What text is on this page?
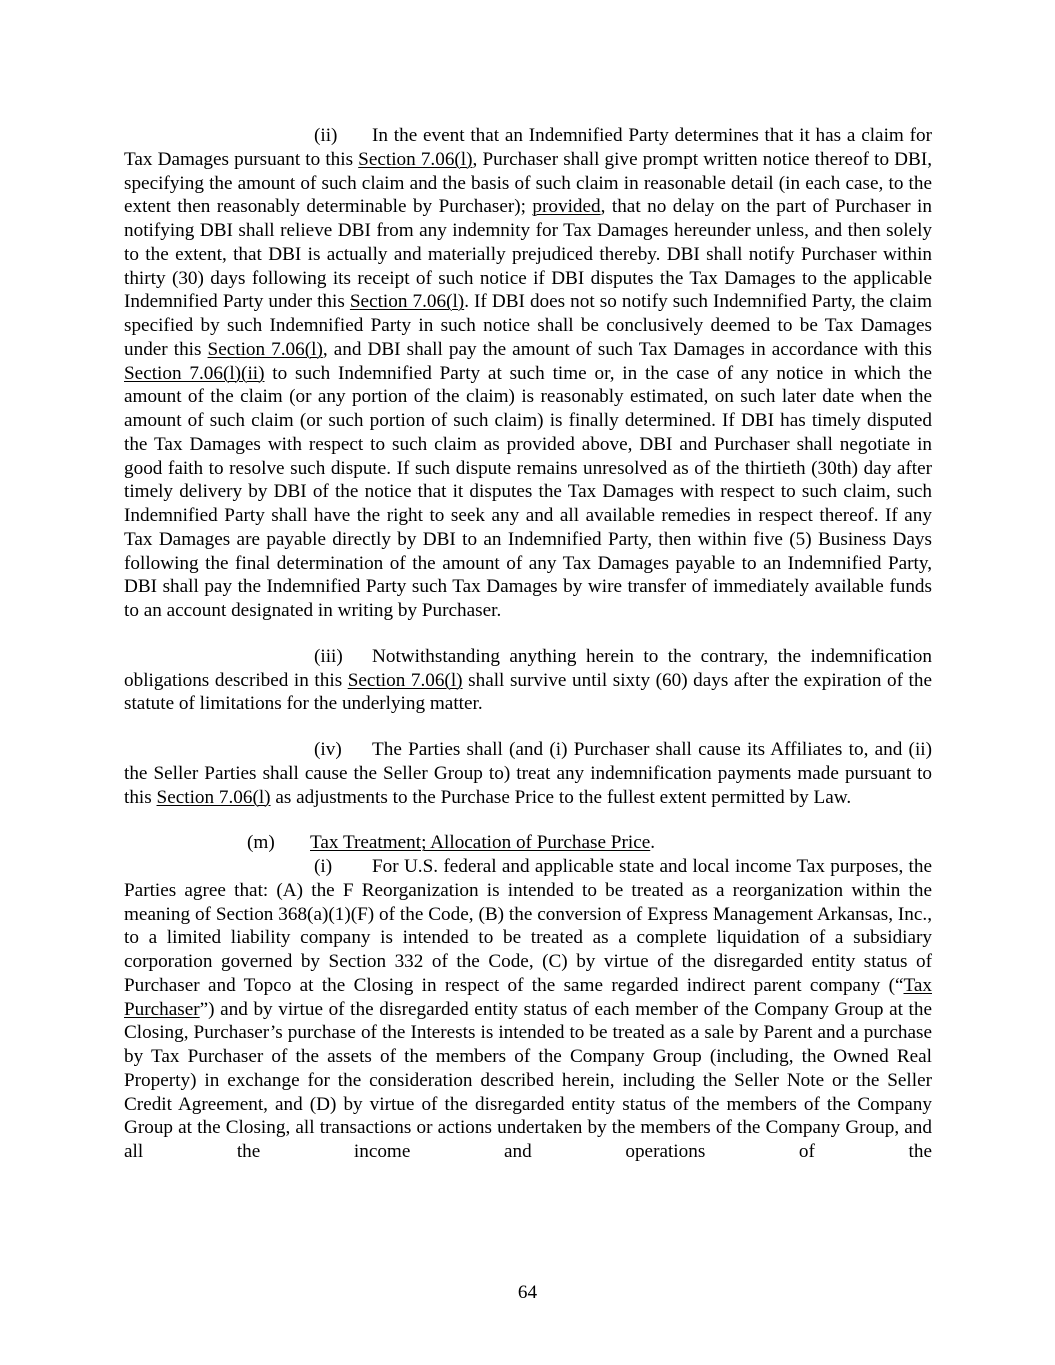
(ii) In the event that an Indemnified Party determines that it has a claim for Tax Damages pursuant to this Section 7.06(l), Purchaser shall give prompt written notice thereof to DBI, specifying the amount of such claim and the basis of such claim in reasonable detail (in each case, to the extent then reasonably determinable by Purchaser); provided, that no delay on the part of Purchaser in notifying DBI shall relieve DBI from any indemnity for Tax Damages hereunder unless, and then solely to the extent, that DBI is actually and materially prejudiced thereby. DBI shall notify Purchaser within thirty (30) days following its receipt of such notice if DBI disputes the Tax Damages to the applicable Indemnified Party under this Section 7.06(l). If DBI does not so notify such Indemnified Party, the claim specified by such Indemnified Party in such notice shall be conclusively deemed to be Tax Damages under this Section 7.06(l), and DBI shall pay the amount of such Tax Damages in accordance with this Section 7.06(l)(ii) to such Indemnified Party at such time or, in the case of any notice in which the amount of the claim (or any portion of the claim) is reasonably estimated, on such later date when the amount of such claim (or such portion of such claim) is finally determined. If DBI has timely disputed the Tax Damages with respect to such claim as provided above, DBI and Purchaser shall negotiate in good faith to resolve such dispute. If such dispute remains unresolved as of the thirtieth (30th) day after timely delivery by DBI of the notice that it disputes the Tax Damages with respect to such claim, such Indemnified Party shall have the right to seek any and all available remedies in respect thereof. If any Tax Damages are payable directly by DBI to an Indemnified Party, then within five (5) Business Days following the final determination of the amount of any Tax Damages payable to an Indemnified Party, DBI shall pay the Indemnified Party such Tax Damages by wire transfer of immediately available funds to an account designated in writing by Purchaser.

(iii) Notwithstanding anything herein to the contrary, the indemnification obligations described in this Section 7.06(l) shall survive until sixty (60) days after the expiration of the statute of limitations for the underlying matter.

(iv) The Parties shall (and (i) Purchaser shall cause its Affiliates to, and (ii) the Seller Parties shall cause the Seller Group to) treat any indemnification payments made pursuant to this Section 7.06(l) as adjustments to the Purchase Price to the fullest extent permitted by Law.

(m) Tax Treatment; Allocation of Purchase Price.

(i) For U.S. federal and applicable state and local income Tax purposes, the Parties agree that: (A) the F Reorganization is intended to be treated as a reorganization within the meaning of Section 368(a)(1)(F) of the Code, (B) the conversion of Express Management Arkansas, Inc., to a limited liability company is intended to be treated as a complete liquidation of a subsidiary corporation governed by Section 332 of the Code, (C) by virtue of the disregarded entity status of Purchaser and Topco at the Closing in respect of the same regarded indirect parent company (“Tax Purchaser”) and by virtue of the disregarded entity status of each member of the Company Group at the Closing, Purchaser’s purchase of the Interests is intended to be treated as a sale by Parent and a purchase by Tax Purchaser of the assets of the members of the Company Group (including, the Owned Real Property) in exchange for the consideration described herein, including the Seller Note or the Seller Credit Agreement, and (D) by virtue of the disregarded entity status of the members of the Company Group at the Closing, all transactions or actions undertaken by the members of the Company Group, and all the income and operations of the

64
